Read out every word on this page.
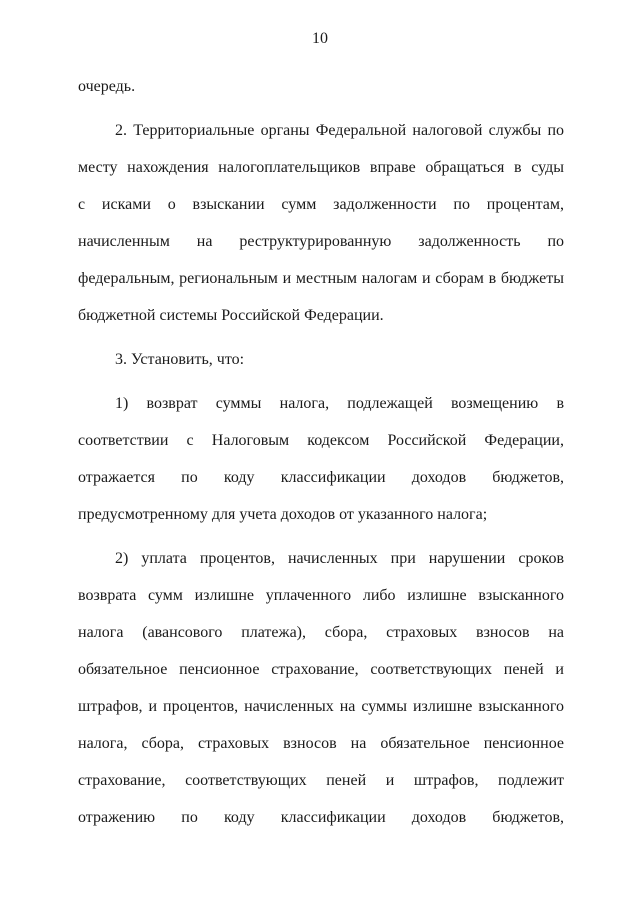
10
очередь.
2. Территориальные органы Федеральной налоговой службы по
месту нахождения налогоплательщиков вправе обращаться в суды
с исками о взыскании сумм задолженности по процентам,
начисленным на реструктурированную задолженность по
федеральным, региональным и местным налогам и сборам в бюджеты
бюджетной системы Российской Федерации.
3. Установить, что:
1) возврат суммы налога, подлежащей возмещению в
соответствии с Налоговым кодексом Российской Федерации,
отражается по коду классификации доходов бюджетов,
предусмотренному для учета доходов от указанного налога;
2) уплата процентов, начисленных при нарушении сроков
возврата сумм излишне уплаченного либо излишне взысканного
налога (авансового платежа), сбора, страховых взносов на
обязательное пенсионное страхование, соответствующих пеней и
штрафов, и процентов, начисленных на суммы излишне взысканного
налога, сбора, страховых взносов на обязательное пенсионное
страхование, соответствующих пеней и штрафов, подлежит
отражению по коду классификации доходов бюджетов,
